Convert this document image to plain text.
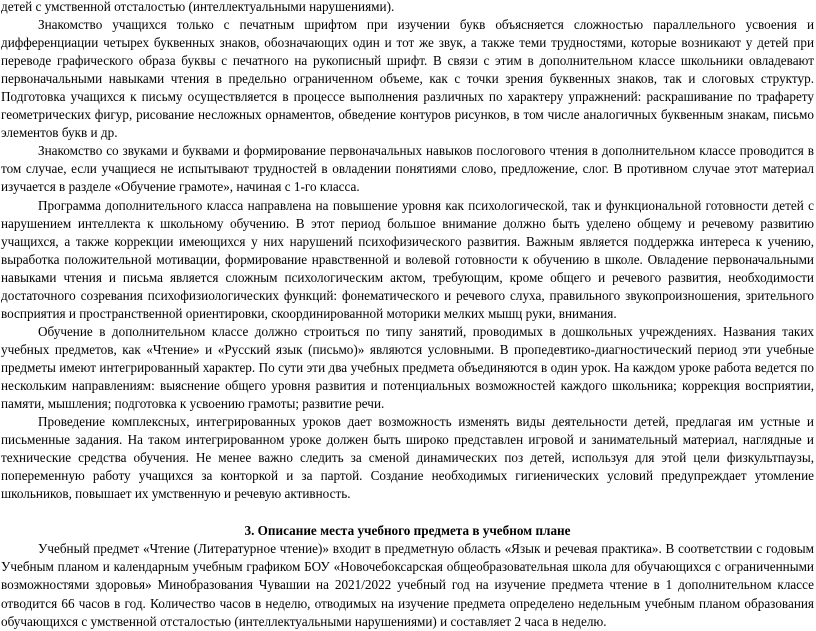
детей с умственной отсталостью (интеллектуальными нарушениями).

Знакомство учащихся только с печатным шрифтом при изучении букв объясняется сложностью параллельного усвоения и дифференциации четырех буквенных знаков, обозначающих один и тот же звук, а также теми трудностями, которые возникают у детей при переводе графического образа буквы с печатного на рукописный шрифт. В связи с этим в дополнительном классе школьники овладевают первоначальными навыками чтения в предельно ограниченном объеме, как с точки зрения буквенных знаков, так и слоговых структур. Подготовка учащихся к письму осуществляется в процессе выполнения различных по характеру упражнений: раскрашивание по трафарету геометрических фигур, рисование несложных орнаментов, обведение контуров рисунков, в том числе аналогичных буквенным знакам, письмо элементов букв и др.

Знакомство со звуками и буквами и формирование первоначальных навыков послогового чтения в дополнительном классе проводится в том случае, если учащиеся не испытывают трудностей в овладении понятиями слово, предложение, слог. В противном случае этот материал изучается в разделе «Обучение грамоте», начиная с 1-го класса.

Программа дополнительного класса направлена на повышение уровня как психологической, так и функциональной готовности детей с нарушением интеллекта к школьному обучению. В этот период большое внимание должно быть уделено общему и речевому развитию учащихся, а также коррекции имеющихся у них нарушений психофизического развития. Важным является поддержка интереса к учению, выработка положительной мотивации, формирование нравственной и волевой готовности к обучению в школе. Овладение первоначальными навыками чтения и письма является сложным психологическим актом, требующим, кроме общего и речевого развития, необходимости достаточного созревания психофизиологических функций: фонематического и речевого слуха, правильного звукопроизношения, зрительного восприятия и пространственной ориентировки, скоординированной моторики мелких мышц руки, внимания.

Обучение в дополнительном классе должно строиться по типу занятий, проводимых в дошкольных учреждениях. Названия таких учебных предметов, как «Чтение» и «Русский язык (письмо)» являются условными. В пропедевтико-диагностический период эти учебные предметы имеют интегрированный характер. По сути эти два учебных предмета объединяются в один урок. На каждом уроке работа ведется по нескольким направлениям: выяснение общего уровня развития и потенциальных возможностей каждого школьника; коррекция восприятии, памяти, мышления; подготовка к усвоению грамоты; развитие речи.

Проведение комплексных, интегрированных уроков дает возможность изменять виды деятельности детей, предлагая им устные и письменные задания. На таком интегрированном уроке должен быть широко представлен игровой и занимательный материал, наглядные и технические средства обучения. Не менее важно следить за сменой динамических поз детей, используя для этой цели физкультпаузы, попеременную работу учащихся за конторкой и за партой. Создание необходимых гигиенических условий предупреждает утомление школьников, повышает их умственную и речевую активность.

3. Описание места учебного предмета в учебном плане

Учебный предмет «Чтение (Литературное чтение)» входит в предметную область «Язык и речевая практика». В соответствии с годовым Учебным планом и календарным учебным графиком БОУ «Новочебоксарская общеобразовательная школа для обучающихся с ограниченными возможностями здоровья» Минобразования Чувашии на 2021/2022 учебный год на изучение предмета чтение в 1 дополнительном классе отводится 66 часов в год. Количество часов в неделю, отводимых на изучение предмета определено недельным учебным планом образования обучающихся с умственной отсталостью (интеллектуальными нарушениями) и составляет 2 часа в неделю.
